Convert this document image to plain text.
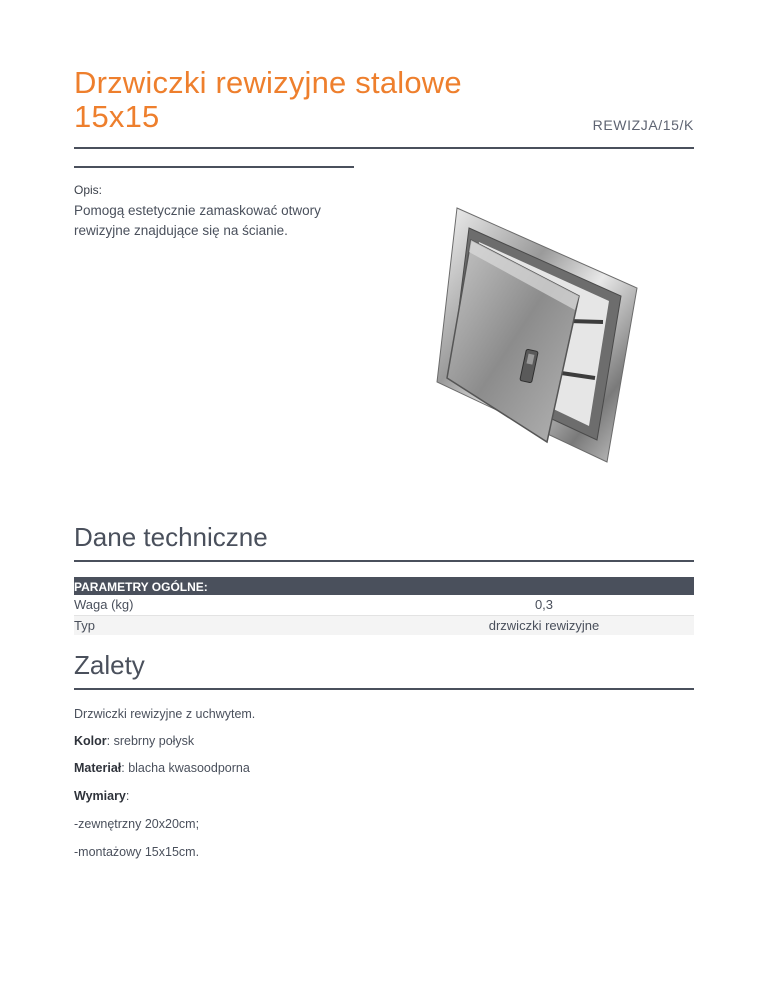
Drzwiczki rewizyjne stalowe
15x15	REWIZJA/15/K
Opis:
Pomogą estetycznie zamaskować otwory rewizyjne znajdujące się na ścianie.
Dane techniczne
PARAMETRY OGÓLNE:	
Waga (kg)	0,3
Typ	drzwiczki rewizyjne
Zalety
Drzwiczki rewizyjne z uchwytem.
Kolor: srebrny połysk
Materiał: blacha kwasoodporna
Wymiary:
-zewnętrzny 20x20cm;
-montażowy 15x15cm.
